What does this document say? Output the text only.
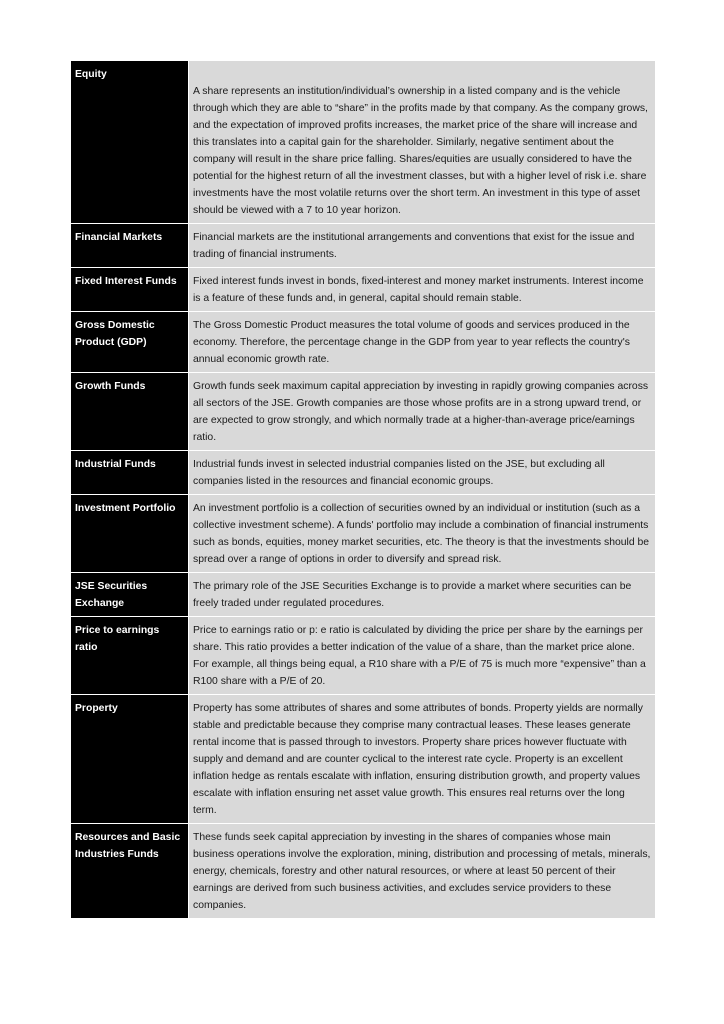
Equity	A share represents an institution/individual’s ownership in a listed company and is the vehicle through which they are able to “share” in the profits made by that company. As the company grows, and the expectation of improved profits increases, the market price of the share will increase and this translates into a capital gain for the shareholder. Similarly, negative sentiment about the company will result in the share price falling. Shares/equities are usually considered to have the potential for the highest return of all the investment classes, but with a higher level of risk i.e. share investments have the most volatile returns over the short term. An investment in this type of asset should be viewed with a 7 to 10 year horizon.
Financial Markets	Financial markets are the institutional arrangements and conventions that exist for the issue and trading of financial instruments.
Fixed Interest Funds	Fixed interest funds invest in bonds, fixed-interest and money market instruments. Interest income is a feature of these funds and, in general, capital should remain stable.
Gross Domestic Product (GDP)	The Gross Domestic Product measures the total volume of goods and services produced in the economy. Therefore, the percentage change in the GDP from year to year reflects the country's annual economic growth rate.
Growth Funds	Growth funds seek maximum capital appreciation by investing in rapidly growing companies across all sectors of the JSE. Growth companies are those whose profits are in a strong upward trend, or are expected to grow strongly, and which normally trade at a higher-than-average price/earnings ratio.
Industrial Funds	Industrial funds invest in selected industrial companies listed on the JSE, but excluding all companies listed in the resources and financial economic groups.
Investment Portfolio	An investment portfolio is a collection of securities owned by an individual or institution (such as a collective investment scheme). A funds' portfolio may include a combination of financial instruments such as bonds, equities, money market securities, etc. The theory is that the investments should be spread over a range of options in order to diversify and spread risk.
JSE Securities Exchange	The primary role of the JSE Securities Exchange is to provide a market where securities can be freely traded under regulated procedures.
Price to earnings ratio	Price to earnings ratio or p: e ratio is calculated by dividing the price per share by the earnings per share. This ratio provides a better indication of the value of a share, than the market price alone. For example, all things being equal, a R10 share with a P/E of 75 is much more “expensive” than a R100 share with a P/E of 20.
Property	Property has some attributes of shares and some attributes of bonds. Property yields are normally stable and predictable because they comprise many contractual leases. These leases generate rental income that is passed through to investors. Property share prices however fluctuate with supply and demand and are counter cyclical to the interest rate cycle. Property is an excellent inflation hedge as rentals escalate with inflation, ensuring distribution growth, and property values escalate with inflation ensuring net asset value growth. This ensures real returns over the long term.
Resources and Basic Industries Funds	These funds seek capital appreciation by investing in the shares of companies whose main business operations involve the exploration, mining, distribution and processing of metals, minerals, energy, chemicals, forestry and other natural resources, or where at least 50 percent of their earnings are derived from such business activities, and excludes service providers to these companies.
